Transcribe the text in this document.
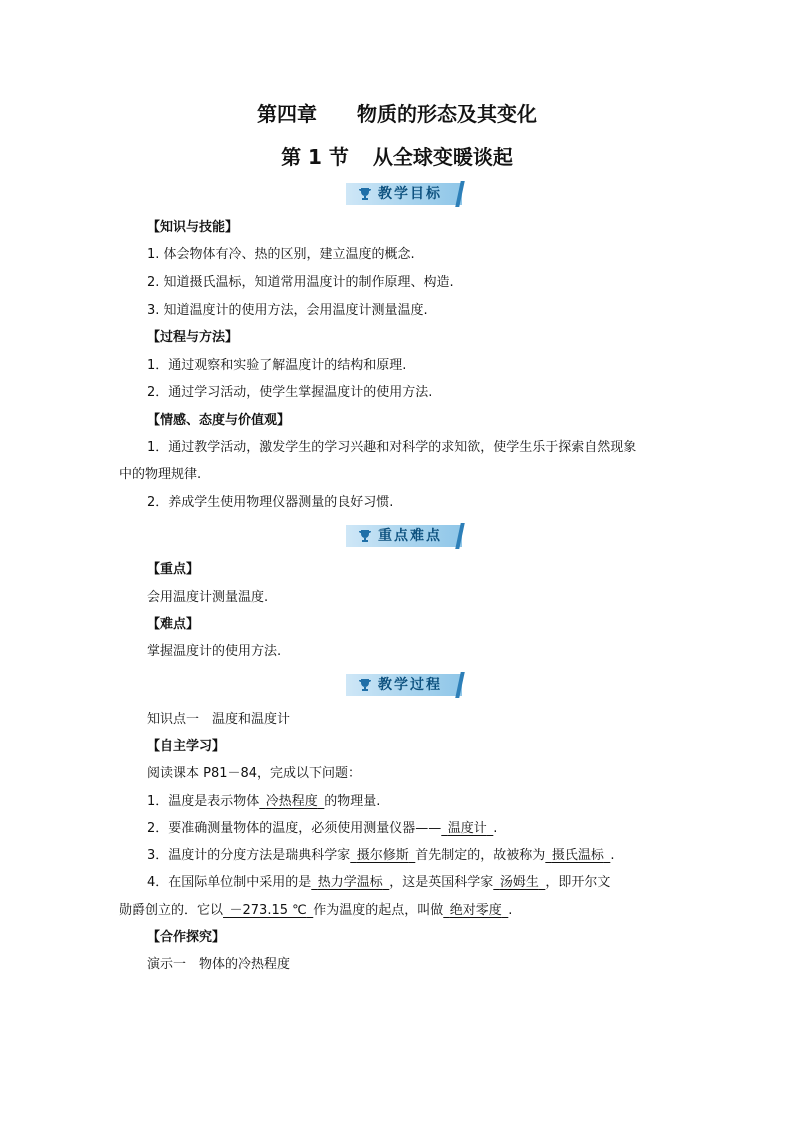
第四章 物质的形态及其变化
第 1 节 从全球变暖谈起
教学目标
【知识与技能】
1. 体会物体有冷、热的区别，建立温度的概念.
2. 知道摄氏温标，知道常用温度计的制作原理、构造.
3. 知道温度计的使用方法，会用温度计测量温度.
【过程与方法】
1．通过观察和实验了解温度计的结构和原理.
2．通过学习活动，使学生掌握温度计的使用方法.
【情感、态度与价值观】
1．通过教学活动，激发学生的学习兴趣和对科学的求知欲，使学生乐于探索自然现象
中的物理规律.
2．养成学生使用物理仪器测量的良好习惯.
重点难点
【重点】
会用温度计测量温度.
【难点】
掌握温度计的使用方法.
教学过程
知识点一　温度和温度计
【自主学习】
阅读课本 P81－84，完成以下问题：
1．温度是表示物体  冷热程度  的物理量.
2．要准确测量物体的温度，必须使用测量仪器——  温度计  .
3．温度计的分度方法是瑞典科学家  摄尔修斯  首先制定的，故被称为  摄氏温标  .
4．在国际单位制中采用的是  热力学温标  ，这是英国科学家  汤姆生  ，即开尔文
勋爵创立的．它以  －273.15 ℃  作为温度的起点，叫做  绝对零度  .
【合作探究】
演示一　物体的冷热程度
